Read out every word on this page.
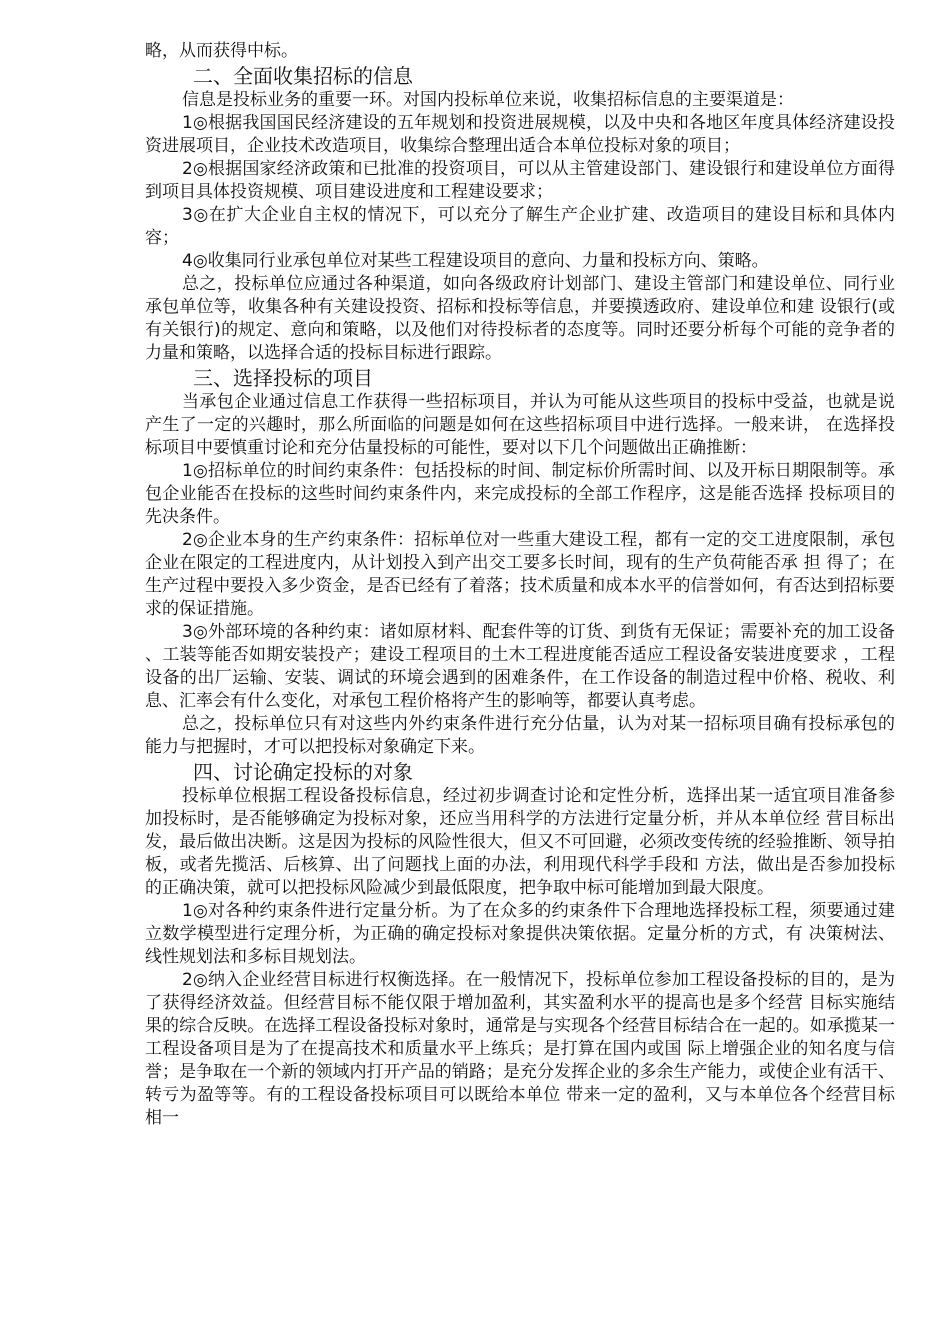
略，从而获得中标。

二、全面收集招标的信息

信息是投标业务的重要一环。对国内投标单位来说，收集招标信息的主要渠道是：

1◎根据我国国民经济建设的五年规划和投资进展规模，以及中央和各地区年度具体经济建设投资进展项目，企业技术改造项目，收集综合整理出适合本单位投标对象的项目；

2◎根据国家经济政策和已批准的投资项目，可以从主管建设部门、建设银行和建设单位方面得到项目具体投资规模、项目建设进度和工程建设要求；

3◎在扩大企业自主权的情况下，可以充分了解生产企业扩建、改造项目的建设目标和具体内容；

4◎收集同行业承包单位对某些工程建设项目的意向、力量和投标方向、策略。

总之，投标单位应通过各种渠道，如向各级政府计划部门、建设主管部门和建设单位、同行业承包单位等，收集各种有关建设投资、招标和投标等信息，并要摸透政府、建设单位和建 设银行(或有关银行)的规定、意向和策略，以及他们对待投标者的态度等。同时还要分析每个可能的竞争者的力量和策略，以选择合适的投标目标进行跟踪。

三、选择投标的项目

当承包企业通过信息工作获得一些招标项目，并认为可能从这些项目的投标中受益，也就是说产生了一定的兴趣时，那么所面临的问题是如何在这些招标项目中进行选择。一般来讲， 在选择投标项目中要慎重讨论和充分估量投标的可能性，要对以下几个问题做出正确推断：

1◎招标单位的时间约束条件：包括投标的时间、制定标价所需时间、以及开标日期限制等。承包企业能否在投标的这些时间约束条件内，来完成投标的全部工作程序，这是能否选择 投标项目的先决条件。

2◎企业本身的生产约束条件：招标单位对一些重大建设工程，都有一定的交工进度限制，承包企业在限定的工程进度内，从计划投入到产出交工要多长时间，现有的生产负荷能否承 担 得了；在生产过程中要投入多少资金，是否已经有了着落；技术质量和成本水平的信誉如何，有否达到招标要求的保证措施。

3◎外部环境的各种约束：诸如原材料、配套件等的订货、到货有无保证；需要补充的加工设备 、工装等能否如期安装投产；建设工程项目的土木工程进度能否适应工程设备安装进度要求 ，工程设备的出厂运输、安装、调试的环境会遇到的困难条件，在工作设备的制造过程中价格、税收、利息、汇率会有什么变化，对承包工程价格将产生的影响等，都要认真考虑。

总之，投标单位只有对这些内外约束条件进行充分估量，认为对某一招标项目确有投标承包的能力与把握时，才可以把投标对象确定下来。

四、讨论确定投标的对象

投标单位根据工程设备投标信息，经过初步调查讨论和定性分析，选择出某一适宜项目准备参加投标时，是否能够确定为投标对象，还应当用科学的方法进行定量分析，并从本单位经 营目标出发，最后做出决断。这是因为投标的风险性很大，但又不可回避，必须改变传统的经验推断、领导拍板，或者先揽活、后核算、出了问题找上面的办法，利用现代科学手段和 方法，做出是否参加投标的正确决策，就可以把投标风险减少到最低限度，把争取中标可能增加到最大限度。

1◎对各种约束条件进行定量分析。为了在众多的约束条件下合理地选择投标工程，须要通过建立数学模型进行定理分析，为正确的确定投标对象提供决策依据。定量分析的方式，有 决策树法、线性规划法和多标目规划法。

2◎纳入企业经营目标进行权衡选择。在一般情况下，投标单位参加工程设备投标的目的，是为了获得经济效益。但经营目标不能仅限于增加盈利，其实盈利水平的提高也是多个经营 目标实施结果的综合反映。在选择工程设备投标对象时，通常是与实现各个经营目标结合在一起的。如承揽某一工程设备项目是为了在提高技术和质量水平上练兵；是打算在国内或国 际上增强企业的知名度与信誉；是争取在一个新的领域内打开产品的销路；是充分发挥企业的多余生产能力，或使企业有活干、转亏为盈等等。有的工程设备投标项目可以既给本单位 带来一定的盈利，又与本单位各个经营目标相一
